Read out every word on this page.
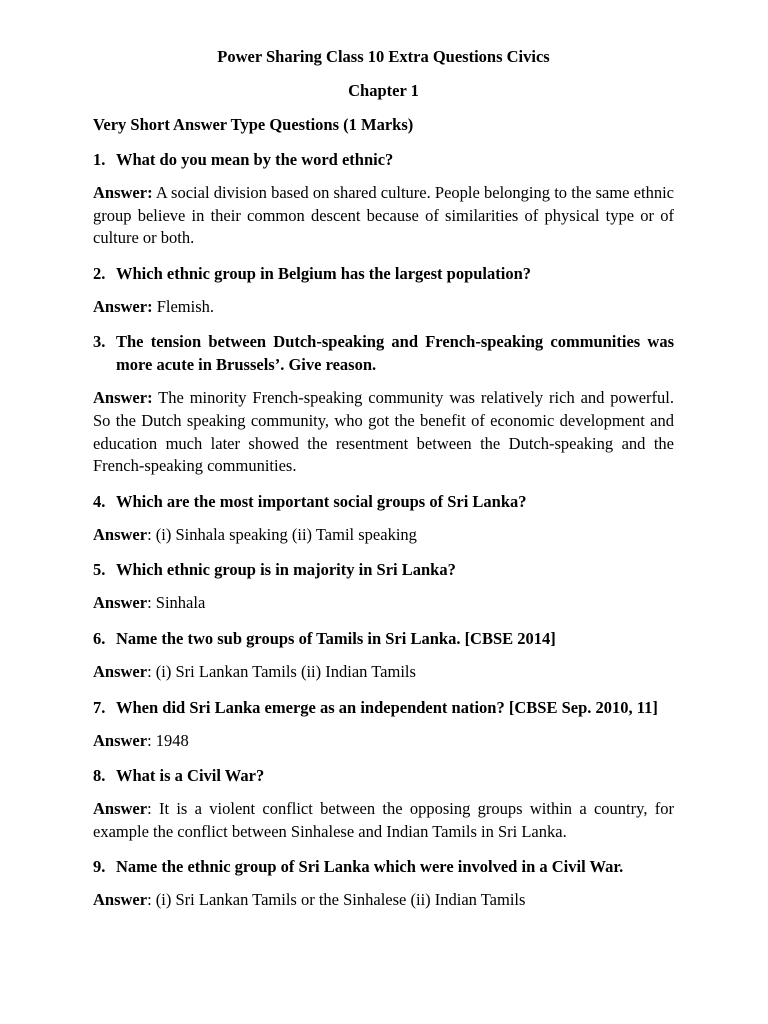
Power Sharing Class 10 Extra Questions Civics
Chapter 1
Very Short Answer Type Questions (1 Marks)
1. What do you mean by the word ethnic?
Answer: A social division based on shared culture. People belonging to the same ethnic group believe in their common descent because of similarities of physical type or of culture or both.
2. Which ethnic group in Belgium has the largest population?
Answer: Flemish.
3. The tension between Dutch-speaking and French-speaking communities was more acute in Brussels’. Give reason.
Answer: The minority French-speaking community was relatively rich and powerful. So the Dutch speaking community, who got the benefit of economic development and education much later showed the resentment between the Dutch-speaking and the French-speaking communities.
4. Which are the most important social groups of Sri Lanka?
Answer: (i) Sinhala speaking (ii) Tamil speaking
5. Which ethnic group is in majority in Sri Lanka?
Answer: Sinhala
6. Name the two sub groups of Tamils in Sri Lanka. [CBSE 2014]
Answer: (i) Sri Lankan Tamils (ii) Indian Tamils
7. When did Sri Lanka emerge as an independent nation? [CBSE Sep. 2010, 11]
Answer: 1948
8. What is a Civil War?
Answer: It is a violent conflict between the opposing groups within a country, for example the conflict between Sinhalese and Indian Tamils in Sri Lanka.
9. Name the ethnic group of Sri Lanka which were involved in a Civil War.
Answer: (i) Sri Lankan Tamils or the Sinhalese (ii) Indian Tamils
